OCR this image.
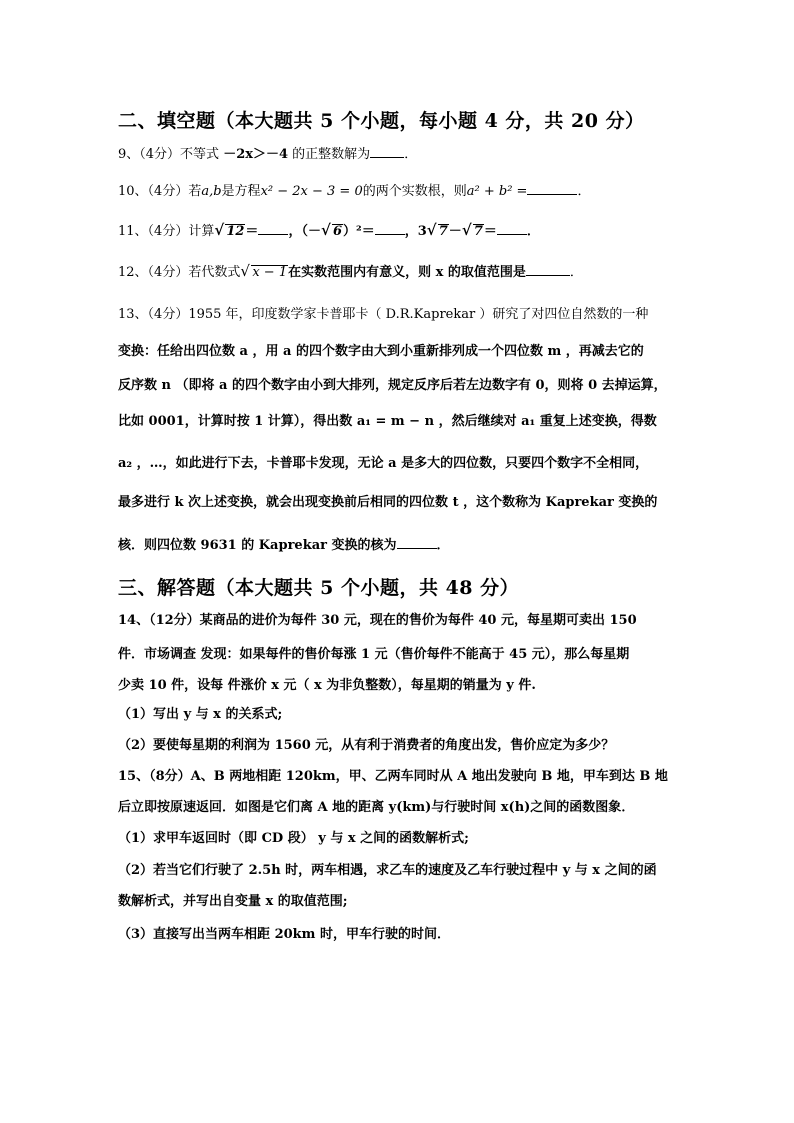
二、填空题（本大题共 5 个小题，每小题 4 分，共 20 分）
9、（4分）不等式 －2x＞－4 的正整数解为	．
10、（4分）若a,b是方程x² − 2x − 3 = 0的两个实数根，则a² + b² =	．
11、（4分）计算 √ 12＝ ，（－ √ 6）²＝ ，3 √ 7－ √ 7＝ ．
12、（4分）若代数式 √ x − 1在实数范围内有意义，则 x 的取值范围是	．
13、（4分）1955 年，印度数学家卡普耶卡（ D.R.Kaprekar ）研究了对四位自然数的一种
变换：任给出四位数 a ，用 a 的四个数字由大到小重新排列成一个四位数 m ，再减去它的
反序数 n （即将 a 的四个数字由小到大排列，规定反序后若左边数字有 0，则将 0 去掉运算，
比如 0001，计算时按 1 计算），得出数 a₁ = m − n ，然后继续对 a₁ 重复上述变换，得数
a₂ ，…，如此进行下去，卡普耶卡发现，无论 a 是多大的四位数，只要四个数字不全相同，
最多进行 k 次上述变换，就会出现变换前后相同的四位数 t ，这个数称为 Kaprekar 变换的
核．则四位数 9631 的 Kaprekar 变换的核为	．
三、解答题（本大题共 5 个小题，共 48 分）
14、（12分）某商品的进价为每件 30 元，现在的售价为每件 40 元，每星期可卖出 150
件．市场调查 发现：如果每件的售价每涨 1 元（售价每件不能高于 45 元），那么每星期
少卖 10 件，设每 件涨价 x 元（ x 为非负整数），每星期的销量为 y 件.
（1）写出 y 与 x 的关系式;
（2）要使每星期的利润为 1560 元，从有利于消费者的角度出发，售价应定为多少？
15、（8分）A、B 两地相距 120km，甲、乙两车同时从 A 地出发驶向 B 地，甲车到达 B 地
后立即按原速返回．如图是它们离 A 地的距离 y(km)与行驶时间 x(h)之间的函数图象．
（1）求甲车返回时（即 CD 段） y 与 x 之间的函数解析式;
（2）若当它们行驶了 2.5h 时，两车相遇，求乙车的速度及乙车行驶过程中 y 与 x 之间的函
数解析式，并写出自变量 x 的取值范围;
（3）直接写出当两车相距 20km 时，甲车行驶的时间．
